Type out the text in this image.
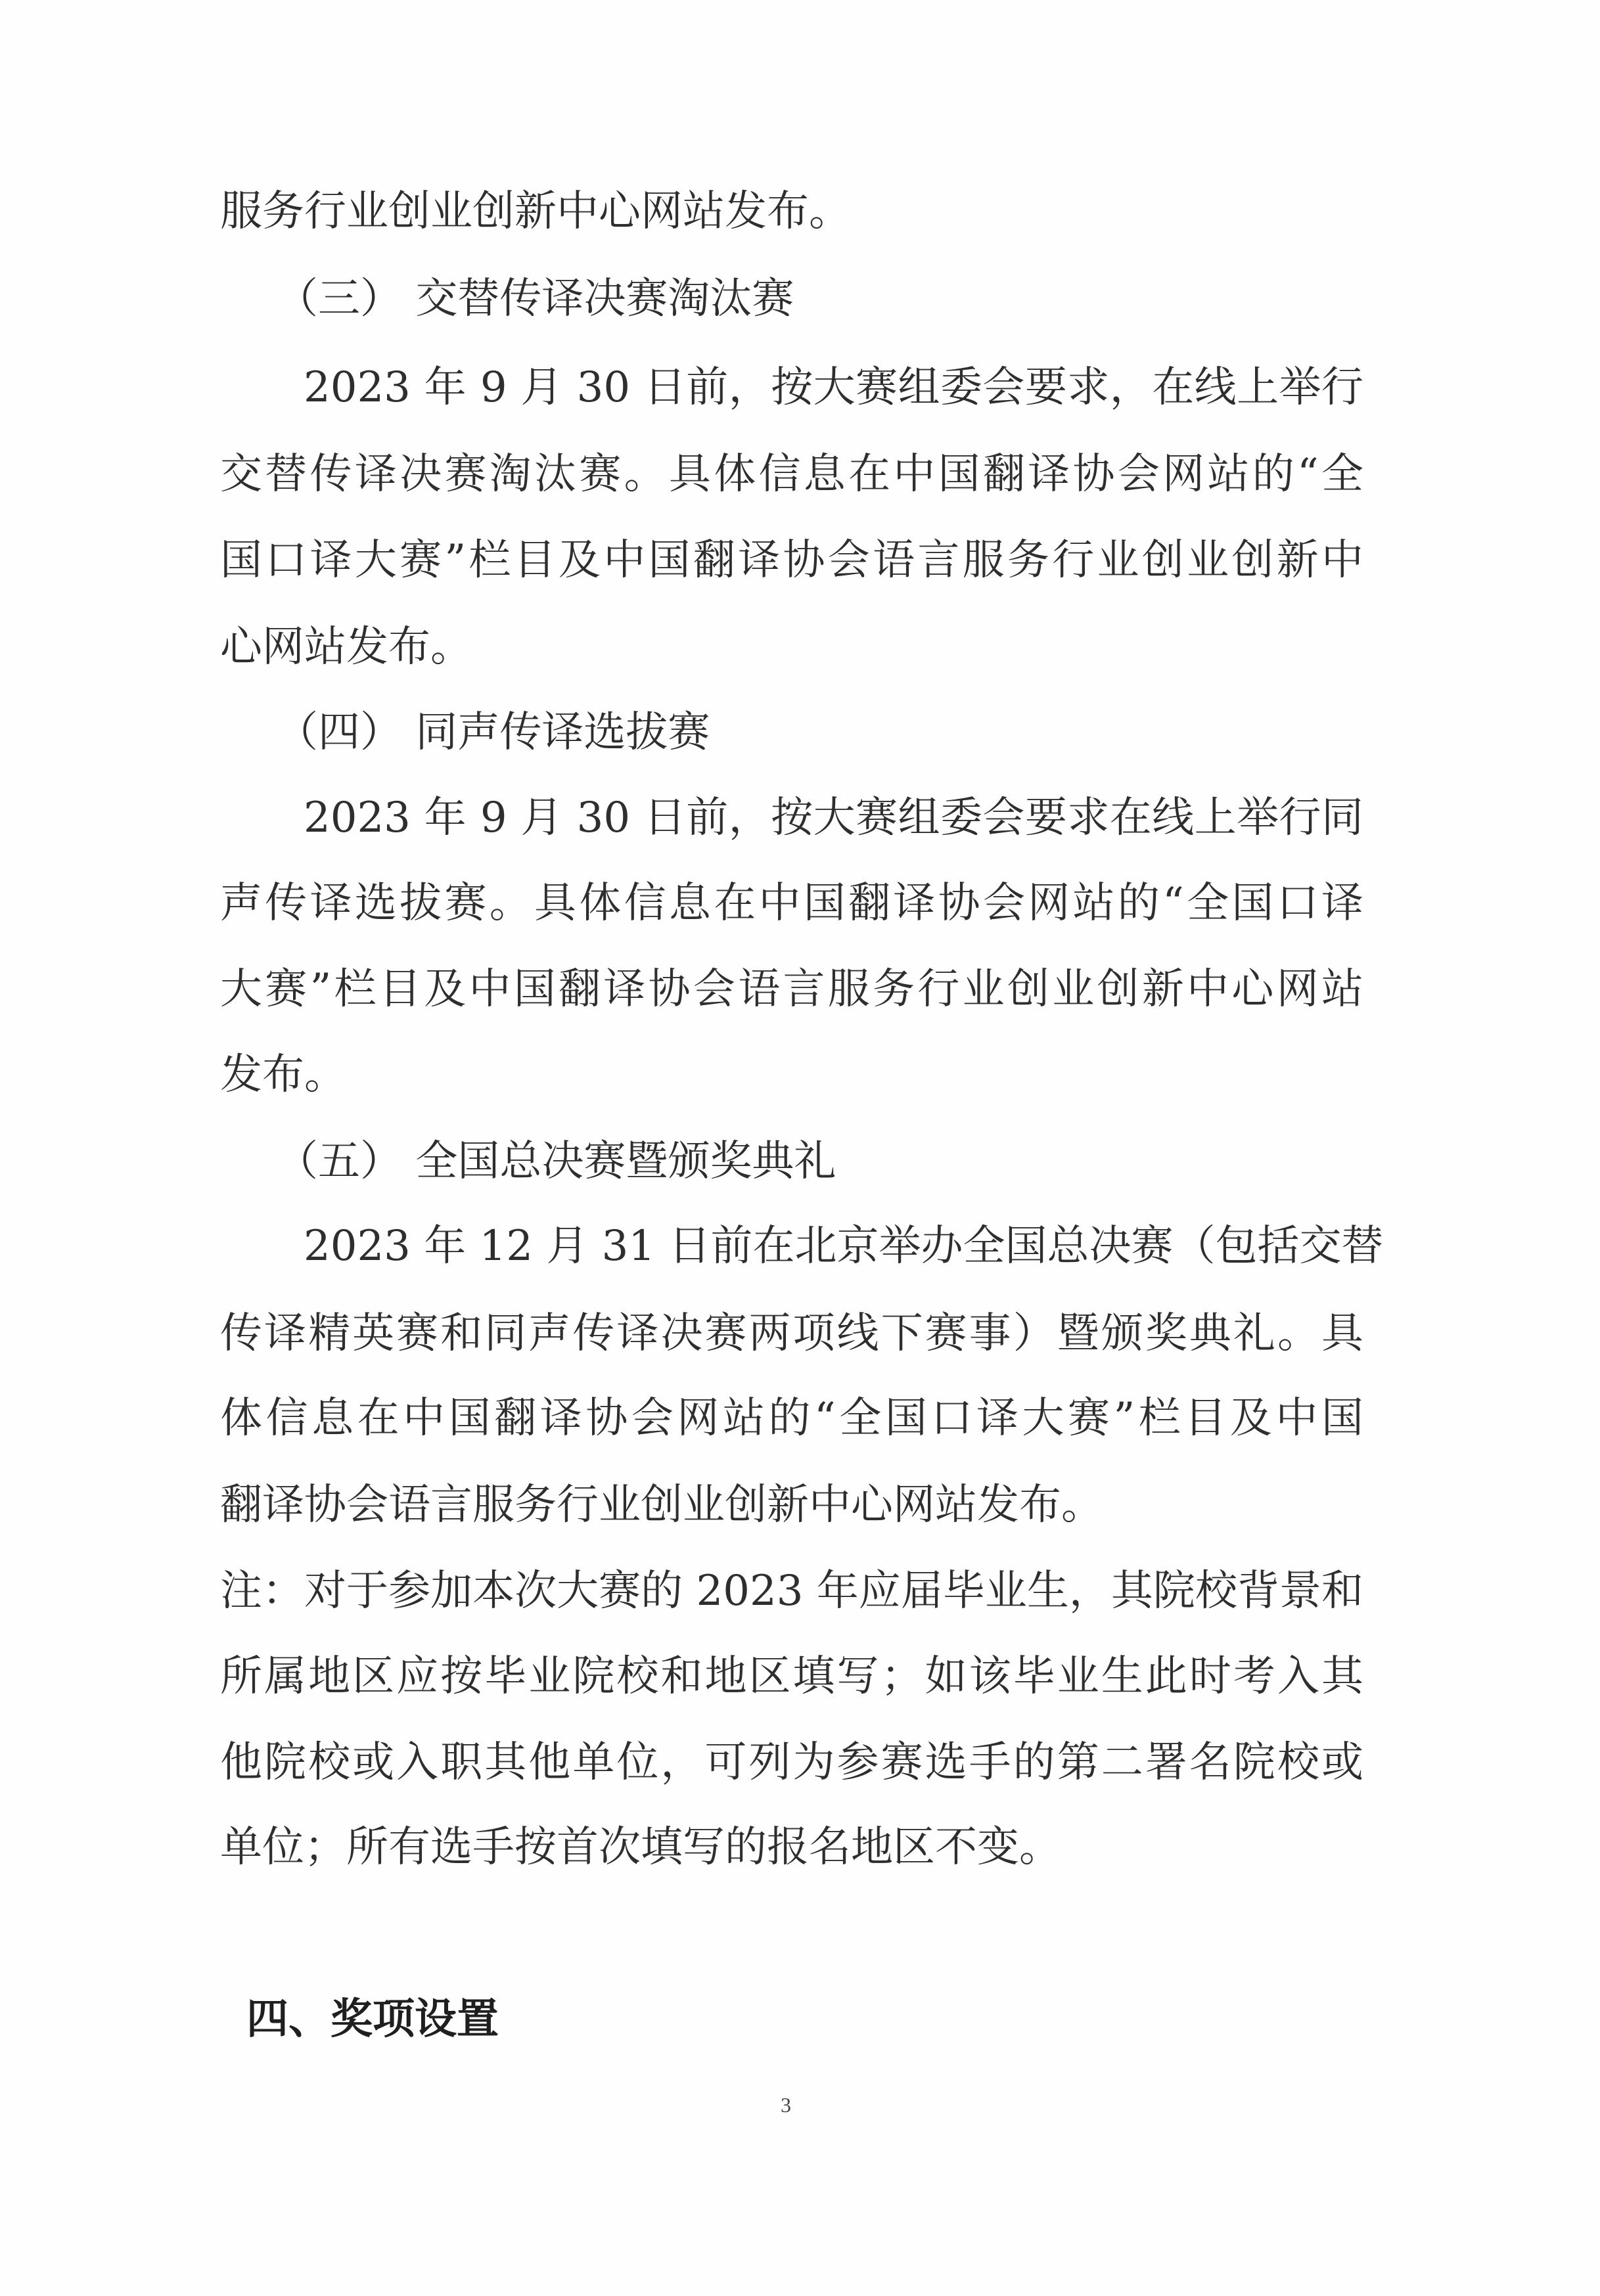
服务行业创业创新中心网站发布。
（三） 交替传译决赛淘汰赛
2023 年 9 月 30 日前，按大赛组委会要求，在线上举行
交替传译决赛淘汰赛。具体信息在中国翻译协会网站的“全
国口译大赛”栏目及中国翻译协会语言服务行业创业创新中
心网站发布。
（四） 同声传译选拔赛
2023 年 9 月 30 日前，按大赛组委会要求在线上举行同
声传译选拔赛。具体信息在中国翻译协会网站的“全国口译
大赛”栏目及中国翻译协会语言服务行业创业创新中心网站
发布。
（五） 全国总决赛暨颁奖典礼
2023 年 12 月 31 日前在北京举办全国总决赛（包括交替
传译精英赛和同声传译决赛两项线下赛事）暨颁奖典礼。具
体信息在中国翻译协会网站的“全国口译大赛”栏目及中国
翻译协会语言服务行业创业创新中心网站发布。
注：对于参加本次大赛的 2023 年应届毕业生，其院校背景和
所属地区应按毕业院校和地区填写；如该毕业生此时考入其
他院校或入职其他单位，可列为参赛选手的第二署名院校或
单位；所有选手按首次填写的报名地区不变。
四、奖项设置
3
